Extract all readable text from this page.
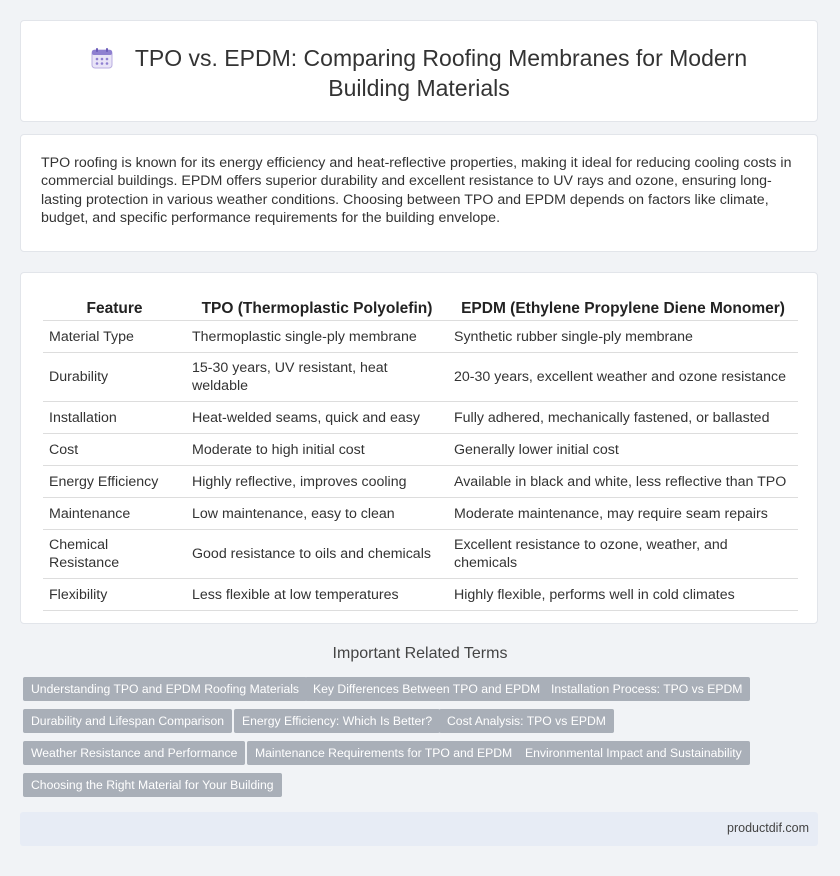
TPO vs. EPDM: Comparing Roofing Membranes for Modern
Building Materials
TPO roofing is known for its energy efficiency and heat-reflective properties, making it ideal for reducing cooling costs in commercial buildings. EPDM offers superior durability and excellent resistance to UV rays and ozone, ensuring long-lasting protection in various weather conditions. Choosing between TPO and EPDM depends on factors like climate, budget, and specific performance requirements for the building envelope.
Feature	TPO (Thermoplastic Polyolefin)	EPDM (Ethylene Propylene Diene Monomer)
Material Type	Thermoplastic single-ply membrane	Synthetic rubber single-ply membrane
Durability	15-30 years, UV resistant, heat weldable	20-30 years, excellent weather and ozone resistance
Installation	Heat-welded seams, quick and easy	Fully adhered, mechanically fastened, or ballasted
Cost	Moderate to high initial cost	Generally lower initial cost
Energy Efficiency	Highly reflective, improves cooling	Available in black and white, less reflective than TPO
Maintenance	Low maintenance, easy to clean	Moderate maintenance, may require seam repairs
Chemical Resistance	Good resistance to oils and chemicals	Excellent resistance to ozone, weather, and chemicals
Flexibility	Less flexible at low temperatures	Highly flexible, performs well in cold climates
Important Related Terms
Understanding TPO and EPDM Roofing Materials	Key Differences Between TPO and EPDM Installation Process: TPO vs EPDM
Durability and Lifespan Comparison	Energy Efficiency: Which Is Better?	Cost Analysis: TPO vs EPDM
Weather Resistance and Performance	Maintenance Requirements for TPO and EPDM	Environmental Impact and Sustainability
Choosing the Right Material for Your Building
productdif.com
